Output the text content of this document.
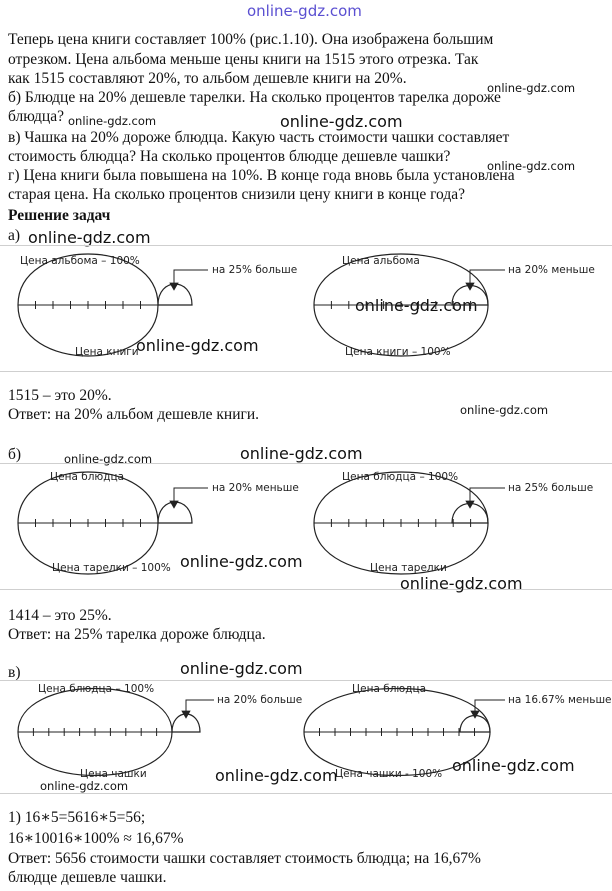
online-gdz.com
Теперь цена книги составляет 100% (рис.1.10). Она изображена большим
отрезком. Цена альбома меньше цены книги на 1515 этого отрезка. Так
как 1515 составляют 20%, то альбом дешевле книги на 20%.
б) Блюдце на 20% дешевле тарелки. На сколько процентов тарелка дороже
блюдца?
в) Чашка на 20% дороже блюдца. Какую часть стоимости чашки составляет
стоимость блюдца? На сколько процентов блюдце дешевле чашки?
г) Цена книги была повышена на 10%. В конце года вновь была установлена
старая цена. На сколько процентов снизили цену книги в конце года?
online-gdz.com
online-gdz.com	online-gdz.com
online-gdz.com
Решение задач
а) online-gdz.com
Цена альбома – 100%
Цена книги
на 25% больше
Цена альбома
Цена книги – 100%
на 20% меньше
online-gdz.com
online-gdz.com
1515 – это 20%.
Ответ: на 20% альбом дешевле книги.	online-gdz.com
б)	online-gdz.com	online-gdz.com
Цена блюдца
Цена тарелки – 100%
на 20% меньше
Цена блюдца – 100%
Цена тарелки
на 25% больше
online-gdz.com
online-gdz.com
1414 – это 25%.
Ответ: на 25% тарелка дороже блюдца.
в)	online-gdz.com
Цена блюдца – 100%
Цена чашки
на 20% больше
Цена блюдца
Цена чашки - 100%
на 16.67% меньше
online-gdz.com
online-gdz.com
online-gdz.com
1) 16∗5=5616∗5=56;
16∗10016∗100% ≈ 16,67%
Ответ: 5656 стоимости чашки составляет стоимость блюдца; на 16,67%
блюдце дешевле чашки.
